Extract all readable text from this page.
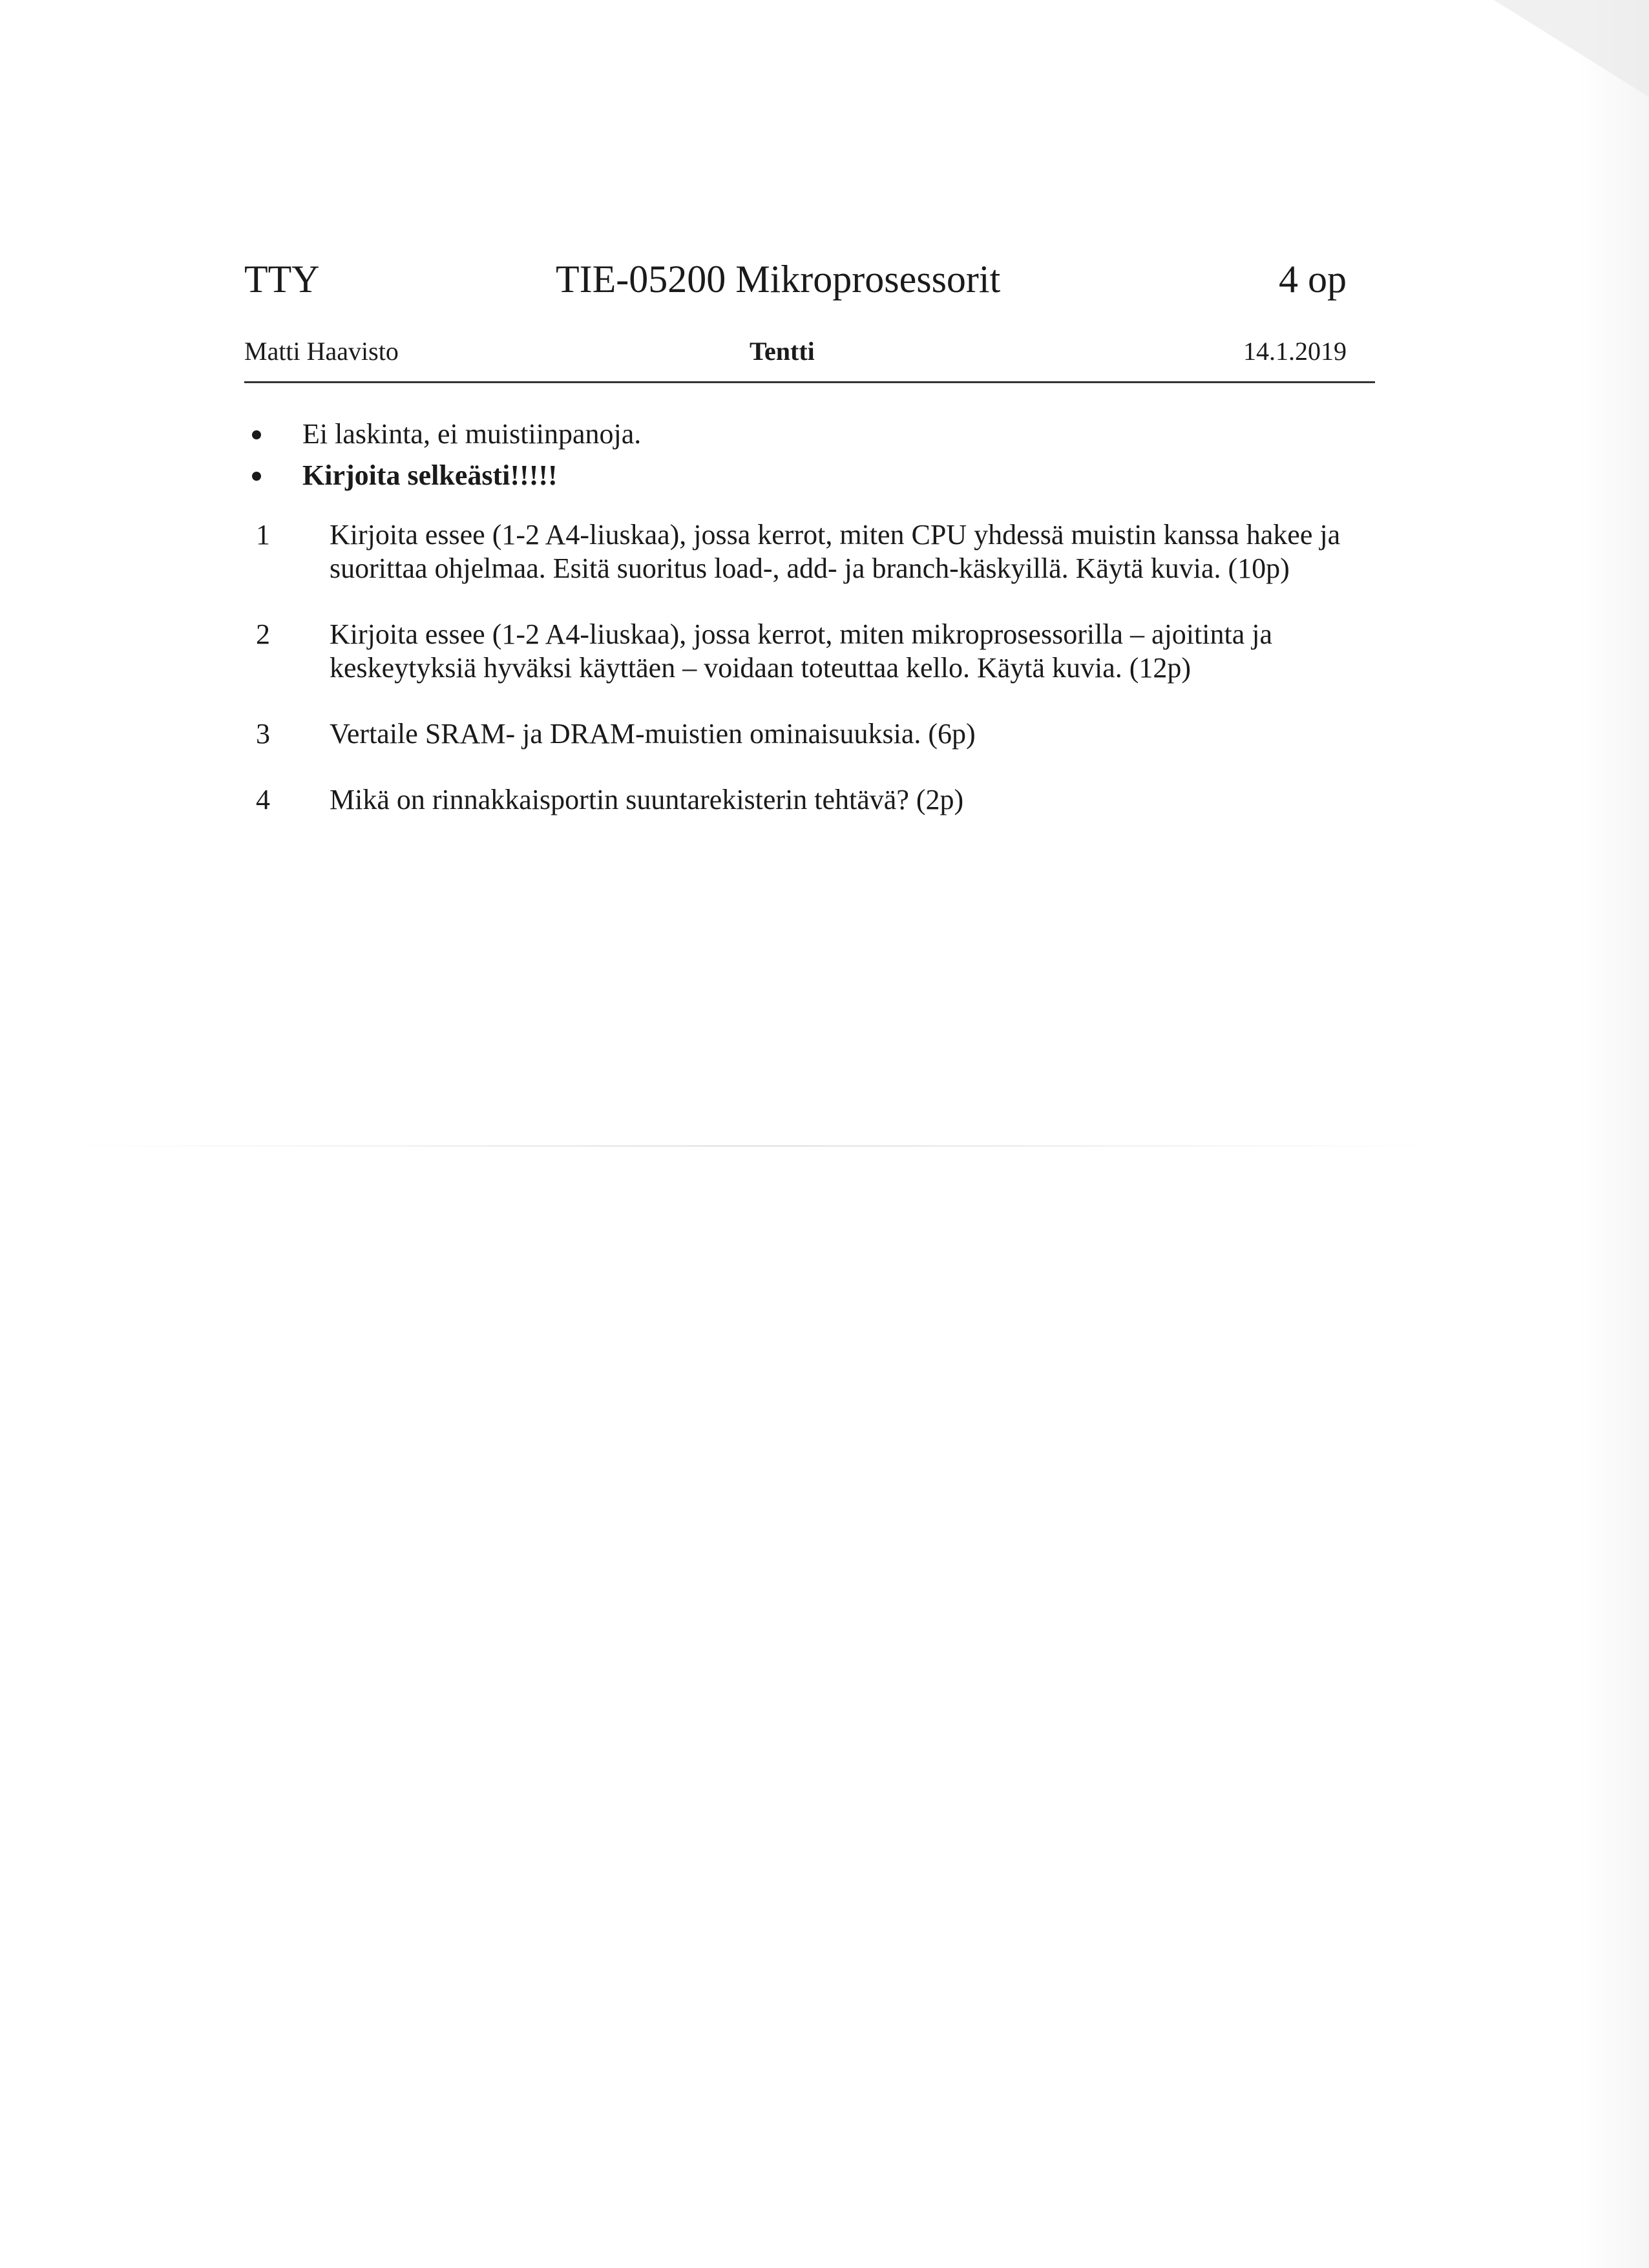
TTY	TIE-05200 Mikroprosessorit	4 op
Matti Haavisto	Tentti	14.1.2019
Ei laskinta, ei muistiinpanoja.
Kirjoita selkeästi!!!!!
1 Kirjoita essee (1-2 A4-liuskaa), jossa kerrot, miten CPU yhdessä muistin kanssa hakee ja suorittaa ohjelmaa. Esitä suoritus load-, add- ja branch-käskyillä. Käytä kuvia. (10p)
2 Kirjoita essee (1-2 A4-liuskaa), jossa kerrot, miten mikroprosessorilla – ajoitinta ja keskeytyksiä hyväksi käyttäen – voidaan toteuttaa kello. Käytä kuvia. (12p)
3 Vertaile SRAM- ja DRAM-muistien ominaisuuksia. (6p)
4 Mikä on rinnakkaisportin suuntarekisterin tehtävä? (2p)
